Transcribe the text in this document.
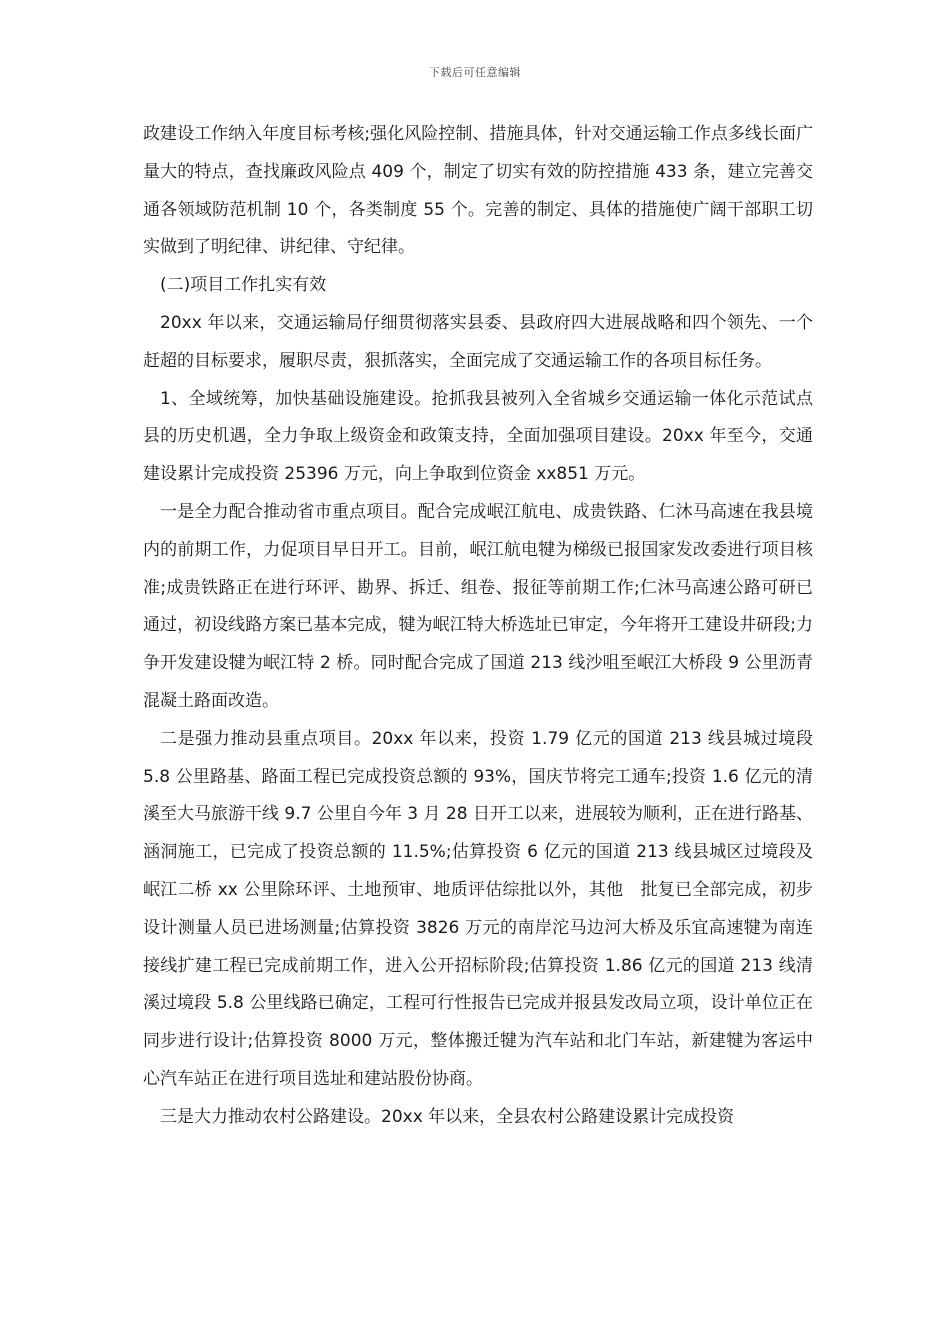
下载后可任意编辑

政建设工作纳入年度目标考核;强化风险控制、措施具体，针对交通运输工作点多线长面广量大的特点，查找廉政风险点 409 个，制定了切实有效的防控措施 433 条，建立完善交通各领域防范机制 10 个，各类制度 55 个。完善的制定、具体的措施使广阔干部职工切实做到了明纪律、讲纪律、守纪律。

(二)项目工作扎实有效

20xx 年以来，交通运输局仔细贯彻落实县委、县政府四大进展战略和四个领先、一个赶超的目标要求，履职尽责，狠抓落实，全面完成了交通运输工作的各项目标任务。

1、全域统筹，加快基础设施建设。抢抓我县被列入全省城乡交通运输一体化示范试点县的历史机遇，全力争取上级资金和政策支持，全面加强项目建设。20xx 年至今，交通建设累计完成投资 25396 万元，向上争取到位资金 xx851 万元。

一是全力配合推动省市重点项目。配合完成岷江航电、成贵铁路、仁沐马高速在我县境内的前期工作，力促项目早日开工。目前，岷江航电犍为梯级已报国家发改委进行项目核准;成贵铁路正在进行环评、勘界、拆迁、组卷、报征等前期工作;仁沐马高速公路可研已通过，初设线路方案已基本完成，犍为岷江特大桥选址已审定，今年将开工建设井研段;力争开发建设犍为岷江特 2 桥。同时配合完成了国道 213 线沙咀至岷江大桥段 9 公里沥青混凝土路面改造。

二是强力推动县重点项目。20xx 年以来，投资 1.79 亿元的国道 213 线县城过境段 5.8 公里路基、路面工程已完成投资总额的 93%，国庆节将完工通车;投资 1.6 亿元的清溪至大马旅游干线 9.7 公里自今年 3 月 28 日开工以来，进展较为顺利，正在进行路基、涵洞施工，已完成了投资总额的 11.5%;估算投资 6 亿元的国道 213 线县城区过境段及岷江二桥 xx 公里除环评、土地预审、地质评估综批以外，其他　批复已全部完成，初步设计测量人员已进场测量;估算投资 3826 万元的南岸沱马边河大桥及乐宜高速犍为南连接线扩建工程已完成前期工作，进入公开招标阶段;估算投资 1.86 亿元的国道 213 线清溪过境段 5.8 公里线路已确定，工程可行性报告已完成并报县发改局立项，设计单位正在同步进行设计;估算投资 8000 万元，整体搬迁犍为汽车站和北门车站，新建犍为客运中心汽车站正在进行项目选址和建站股份协商。

三是大力推动农村公路建设。20xx 年以来，全县农村公路建设累计完成投资
